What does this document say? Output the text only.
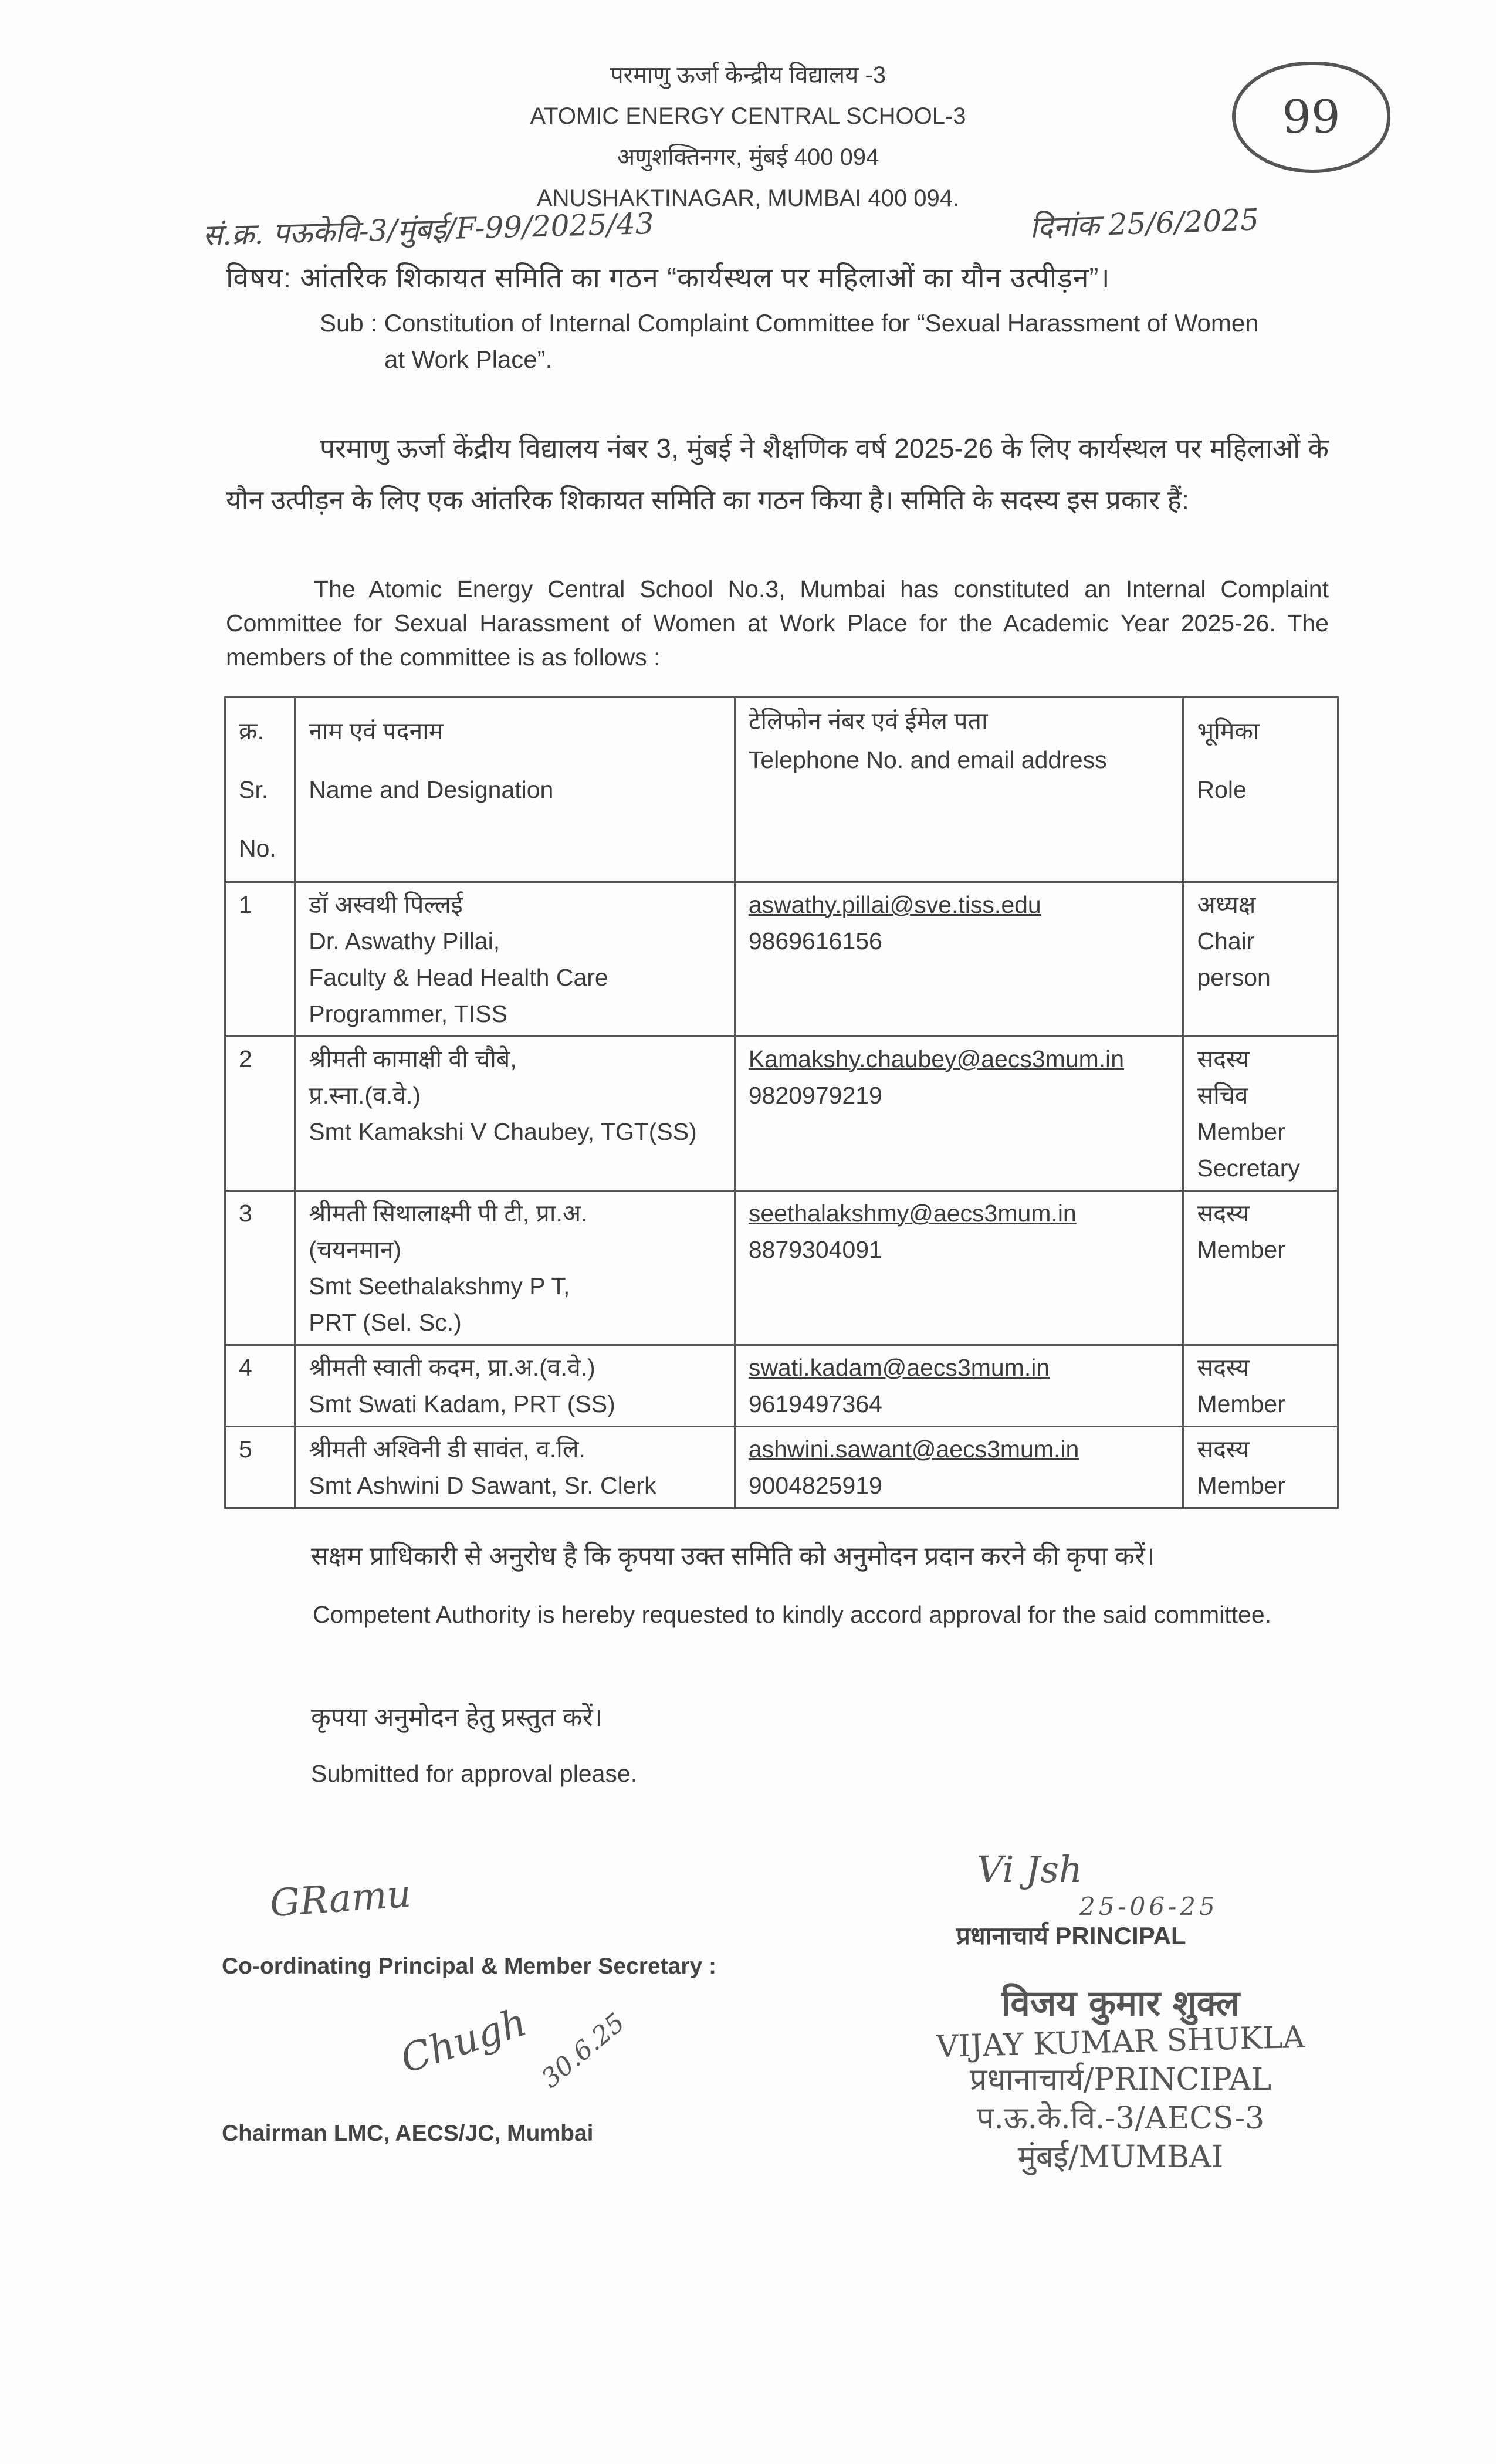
परमाणु ऊर्जा केन्द्रीय विद्यालय -3
ATOMIC ENERGY CENTRAL SCHOOL-3
अणुशक्तिनगर, मुंबई 400 094
ANUSHAKTINAGAR, MUMBAI 400 094.
99
सं.क्र. पऊकेवि-3/मुंबई/F-99/2025/43	दिनांक 25/6/2025
विषय: आंतरिक शिकायत समिति का गठन “कार्यस्थल पर महिलाओं का यौन उत्पीड़न”।
Sub : Constitution of Internal Complaint Committee for “Sexual Harassment of Women
at Work Place”.
परमाणु ऊर्जा केंद्रीय विद्यालय नंबर 3, मुंबई ने शैक्षणिक वर्ष 2025-26 के लिए कार्यस्थल पर महिलाओं के यौन उत्पीड़न के लिए एक आंतरिक शिकायत समिति का गठन किया है। समिति के सदस्य इस प्रकार हैं:
The Atomic Energy Central School No.3, Mumbai has constituted an Internal Complaint Committee for Sexual Harassment of Women at Work Place for the Academic Year 2025-26. The members of the committee is as follows :
क्र.
Sr.
No.	नाम एवं पदनाम
Name and Designation	टेलिफोन नंबर एवं ईमेल पता
Telephone No. and email address	भूमिका
Role

1	डॉ अस्वथी पिल्लई
Dr. Aswathy Pillai,
Faculty & Head Health Care
Programmer, TISS	aswathy.pillai@sve.tiss.edu
9869616156	अध्यक्ष
Chair
person

2	श्रीमती कामाक्षी वी चौबे,
प्र.स्ना.(व.वे.)
Smt Kamakshi V Chaubey, TGT(SS)	Kamakshy.chaubey@aecs3mum.in
9820979219	सदस्य
सचिव
Member
Secretary

3	श्रीमती सिथालाक्ष्मी पी टी, प्रा.अ.
(चयनमान)
Smt Seethalakshmy P T,
PRT (Sel. Sc.)	seethalakshmy@aecs3mum.in
8879304091	सदस्य
Member

4	श्रीमती स्वाती कदम, प्रा.अ.(व.वे.)
Smt Swati Kadam, PRT (SS)	swati.kadam@aecs3mum.in
9619497364	सदस्य
Member

5	श्रीमती अश्विनी डी सावंत, व.लि.
Smt Ashwini D Sawant, Sr. Clerk	ashwini.sawant@aecs3mum.in
9004825919	सदस्य
Member
सक्षम प्राधिकारी से अनुरोध है कि कृपया उक्त समिति को अनुमोदन प्रदान करने की कृपा करें।
Competent Authority is hereby requested to kindly accord approval for the said committee.
कृपया अनुमोदन हेतु प्रस्तुत करें।
Submitted for approval please.
GRamu
Co-ordinating Principal & Member Secretary :
Chugh 30.6.25
Chairman LMC, AECS/JC, Mumbai
Vi Jsh
25-06-25
प्रधानाचार्य PRINCIPAL
विजय कुमार शुक्ल
VIJAY KUMAR SHUKLA
प्रधानाचार्य/PRINCIPAL
प.ऊ.के.वि.-3/AECS-3
मुंबई/MUMBAI
